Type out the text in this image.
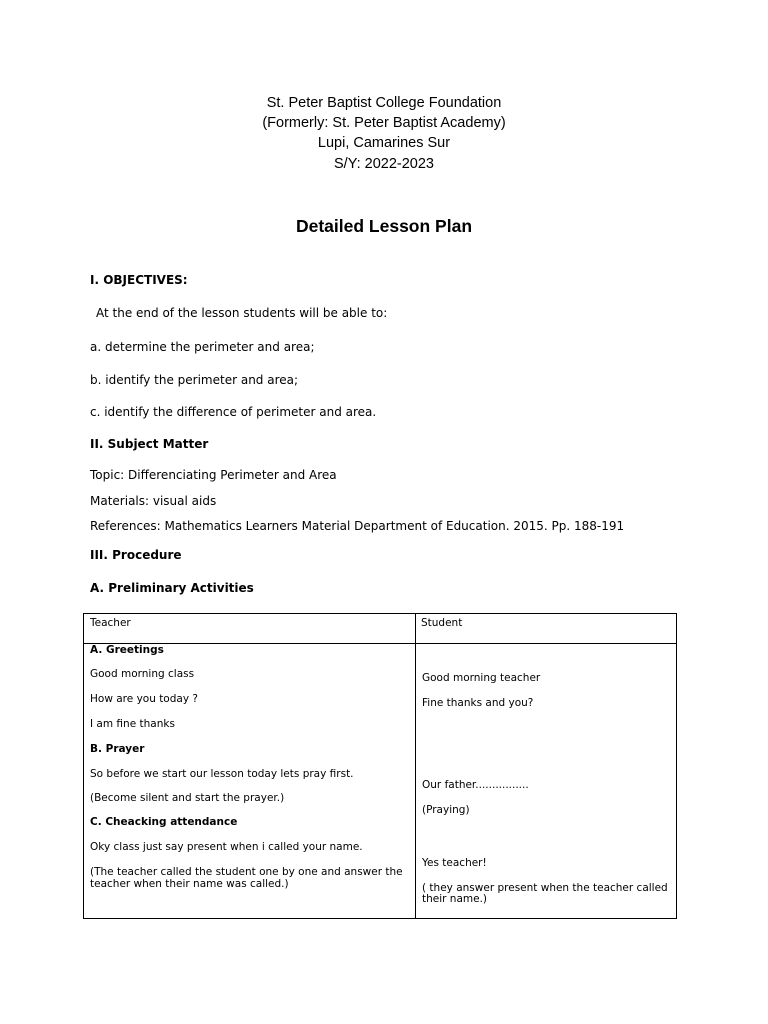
St. Peter Baptist College Foundation
(Formerly: St. Peter Baptist Academy)
Lupi, Camarines Sur
S/Y: 2022-2023
Detailed Lesson Plan
I. OBJECTIVES:
At the end of the lesson students will be able to:
a. determine the perimeter and area;
b. identify the perimeter and area;
c. identify the difference of perimeter and area.
II. Subject Matter
Topic: Differenciating Perimeter and Area
Materials: visual aids
References: Mathematics Learners Material Department of Education. 2015. Pp. 188-191
III. Procedure
A. Preliminary Activities
Teacher	Student
A. Greetings
Good morning class
How are you today ?
I am fine thanks
B. Prayer
So before we start our lesson today lets pray first.
(Become silent and start the prayer.)
C. Cheacking attendance
Oky class just say present when i called your name.
(The teacher called the student one by one and answer the
teacher when their name was called.)
Good morning teacher
Fine thanks and you?
Our father................
(Praying)
Yes teacher!
( they answer present when the teacher called
their name.)
